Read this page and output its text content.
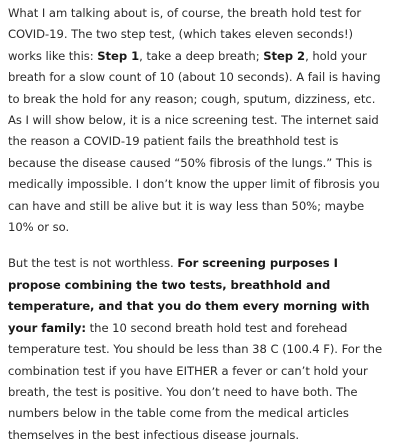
What I am talking about is, of course, the breath hold test for COVID-19. The two step test, (which takes eleven seconds!) works like this: Step 1, take a deep breath; Step 2, hold your breath for a slow count of 10 (about 10 seconds). A fail is having to break the hold for any reason; cough, sputum, dizziness, etc. As I will show below, it is a nice screening test. The internet said the reason a COVID-19 patient fails the breathhold test is because the disease caused “50% fibrosis of the lungs.” This is medically impossible. I don’t know the upper limit of fibrosis you can have and still be alive but it is way less than 50%; maybe 10% or so.

But the test is not worthless. For screening purposes I propose combining the two tests, breathhold and temperature, and that you do them every morning with your family: the 10 second breath hold test and forehead temperature test. You should be less than 38 C (100.4 F). For the combination test if you have EITHER a fever or can’t hold your breath, the test is positive. You don’t need to have both. The numbers below in the table come from the medical articles themselves in the best infectious disease journals.
